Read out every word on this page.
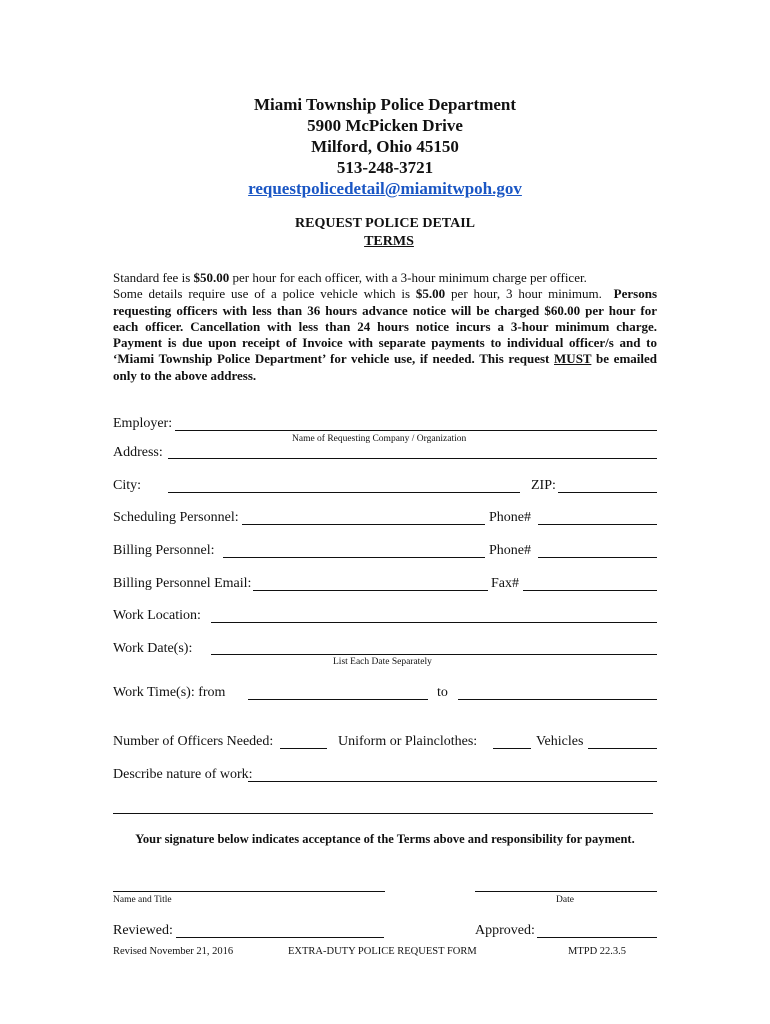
Miami Township Police Department
5900 McPicken Drive
Milford, Ohio 45150
513-248-3721
requestpolicedetail@miamitwpoh.gov
REQUEST POLICE DETAIL
TERMS
Standard fee is $50.00 per hour for each officer, with a 3-hour minimum charge per officer.
Some details require use of a police vehicle which is $5.00 per hour, 3 hour minimum. Persons requesting officers with less than 36 hours advance notice will be charged $60.00 per hour for each officer. Cancellation with less than 24 hours notice incurs a 3-hour minimum charge. Payment is due upon receipt of Invoice with separate payments to individual officer/s and to ‘Miami Township Police Department’ for vehicle use, if needed. This request MUST be emailed only to the above address.
Employer:
Name of Requesting Company / Organization
Address:
City:	ZIP:
Scheduling Personnel:	Phone#
Billing Personnel:	Phone#
Billing Personnel Email:	Fax#
Work Location:
Work Date(s):
List Each Date Separately
Work Time(s): from	to
Number of Officers Needed:	Uniform or Plainclothes:	Vehicles
Describe nature of work:
Your signature below indicates acceptance of the Terms above and responsibility for payment.
Name and Title	Date
Reviewed:	Approved:
Revised November 21, 2016	EXTRA-DUTY POLICE REQUEST FORM	MTPD 22.3.5
